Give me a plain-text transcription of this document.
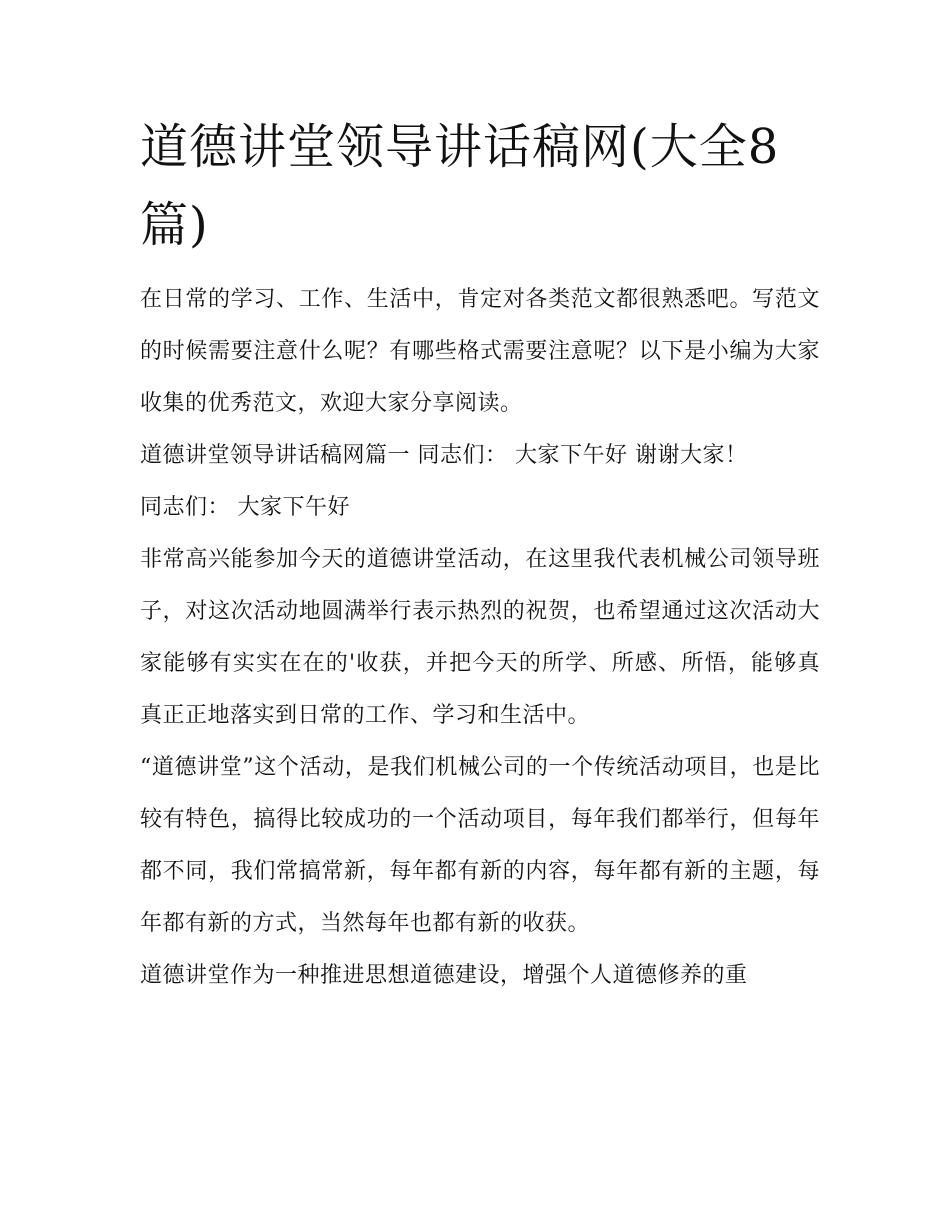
道德讲堂领导讲话稿网(大全8篇)

在日常的学习、工作、生活中，肯定对各类范文都很熟悉吧。写范文的时候需要注意什么呢？有哪些格式需要注意呢？以下是小编为大家收集的优秀范文，欢迎大家分享阅读。

道德讲堂领导讲话稿网篇一 同志们： 大家下午好 谢谢大家！

同志们： 大家下午好

非常高兴能参加今天的道德讲堂活动，在这里我代表机械公司领导班子，对这次活动地圆满举行表示热烈的祝贺，也希望通过这次活动大家能够有实实在在的'收获，并把今天的所学、所感、所悟，能够真真正正地落实到日常的工作、学习和生活中。

“道德讲堂”这个活动，是我们机械公司的一个传统活动项目，也是比较有特色，搞得比较成功的一个活动项目，每年我们都举行，但每年都不同，我们常搞常新，每年都有新的内容，每年都有新的主题，每年都有新的方式，当然每年也都有新的收获。

道德讲堂作为一种推进思想道德建设，增强个人道德修养的重
